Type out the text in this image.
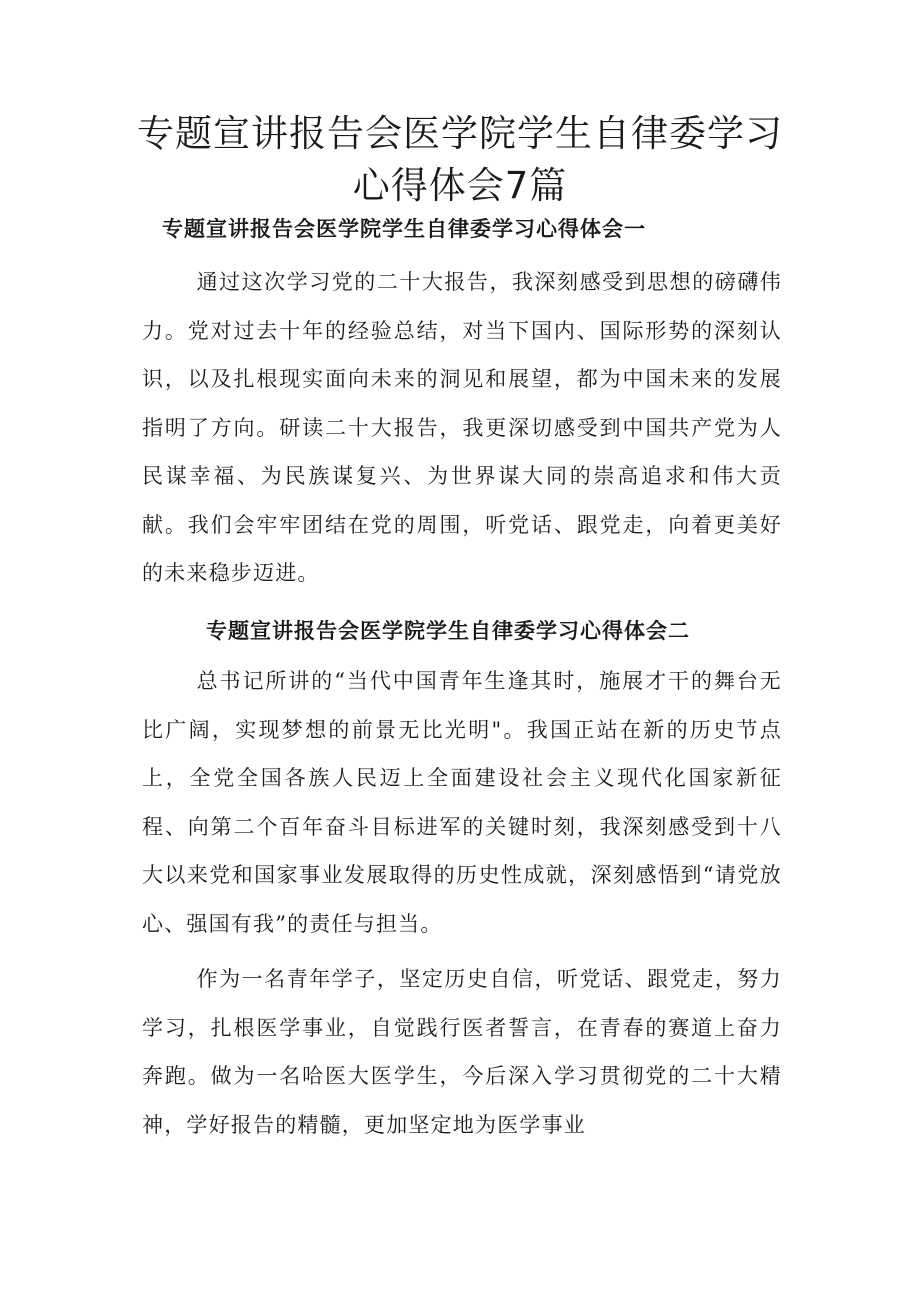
专题宣讲报告会医学院学生自律委学习心得体会7篇
专题宣讲报告会医学院学生自律委学习心得体会一

通过这次学习党的二十大报告，我深刻感受到思想的磅礴伟力。党对过去十年的经验总结，对当下国内、国际形势的深刻认识，以及扎根现实面向未来的洞见和展望，都为中国未来的发展指明了方向。研读二十大报告，我更深切感受到中国共产党为人民谋幸福、为民族谋复兴、为世界谋大同的崇高追求和伟大贡献。我们会牢牢团结在党的周围，听党话、跟党走，向着更美好的未来稳步迈进。

专题宣讲报告会医学院学生自律委学习心得体会二

总书记所讲的“当代中国青年生逢其时，施展才干的舞台无比广阔，实现梦想的前景无比光明"。我国正站在新的历史节点上，全党全国各族人民迈上全面建设社会主义现代化国家新征程、向第二个百年奋斗目标进军的关键时刻，我深刻感受到十八大以来党和国家事业发展取得的历史性成就，深刻感悟到“请党放心、强国有我”的责任与担当。

作为一名青年学子，坚定历史自信，听党话、跟党走，努力学习，扎根医学事业，自觉践行医者誓言，在青春的赛道上奋力奔跑。做为一名哈医大医学生，今后深入学习贯彻党的二十大精神，学好报告的精髓，更加坚定地为医学事业
